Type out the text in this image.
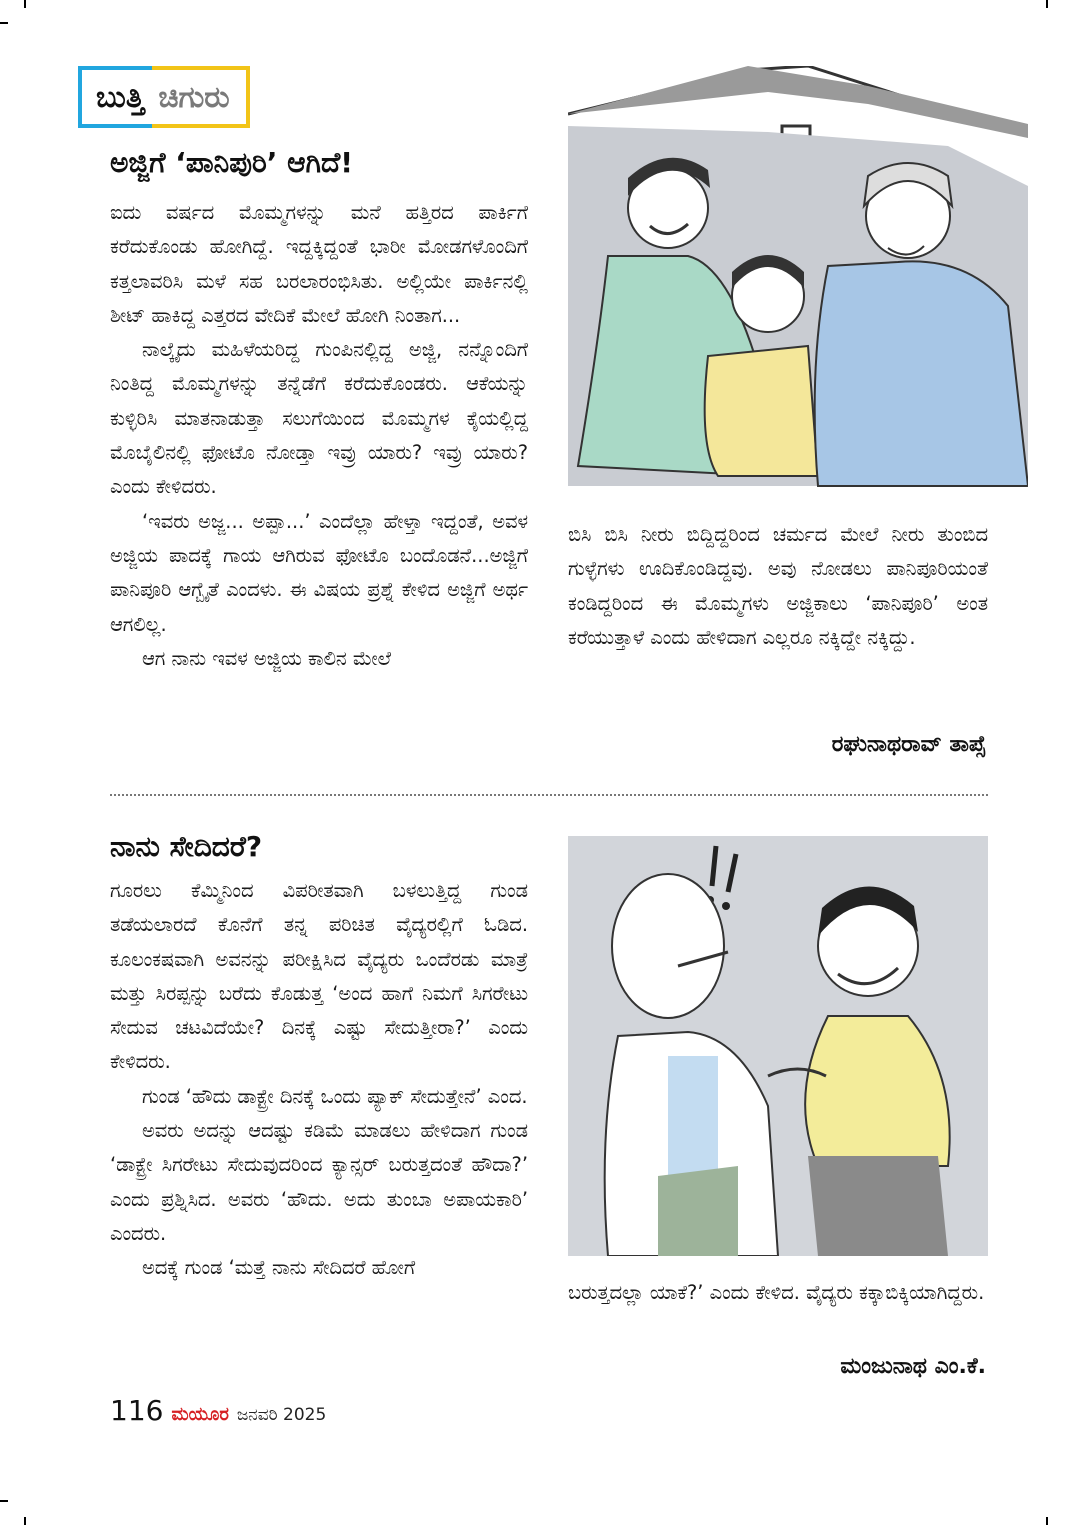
ಬುತ್ತಿ ಚಿಗುರು
ಅಜ್ಜಿಗೆ ‘ಪಾನಿಪುರಿ’ ಆಗಿದೆ!

ಐದು ವರ್ಷದ ಮೊಮ್ಮಗಳನ್ನು ಮನೆ ಹತ್ತಿರದ ಪಾರ್ಕಿಗೆ ಕರೆದುಕೊಂಡು ಹೋಗಿದ್ದೆ. ಇದ್ದಕ್ಕಿದ್ದಂತೆ ಭಾರೀ ಮೋಡಗಳೊಂದಿಗೆ ಕತ್ತಲಾವರಿಸಿ ಮಳೆ ಸಹ ಬರಲಾರಂಭಿಸಿತು. ಅಲ್ಲಿಯೇ ಪಾರ್ಕಿನಲ್ಲಿ ಶೀಟ್ ಹಾಕಿದ್ದ ಎತ್ತರದ ವೇದಿಕೆ ಮೇಲೆ ಹೋಗಿ ನಿಂತಾಗ...

ನಾಲ್ಕೈದು ಮಹಿಳೆಯರಿದ್ದ ಗುಂಪಿನಲ್ಲಿದ್ದ ಅಜ್ಜಿ, ನನ್ನೊಂದಿಗೆ ನಿಂತಿದ್ದ ಮೊಮ್ಮಗಳನ್ನು ತನ್ನೆಡೆಗೆ ಕರೆದುಕೊಂಡರು. ಆಕೆಯನ್ನು ಕುಳ್ಳಿರಿಸಿ ಮಾತನಾಡುತ್ತಾ ಸಲುಗೆಯಿಂದ ಮೊಮ್ಮಗಳ ಕೈಯಲ್ಲಿದ್ದ ಮೊಬೈಲಿನಲ್ಲಿ ಫೋಟೊ ನೋಡ್ತಾ ಇವ್ರು ಯಾರು? ಇವ್ರು ಯಾರು? ಎಂದು ಕೇಳಿದರು.

‘ಇವರು ಅಜ್ಜ... ಅಪ್ಪಾ...’ ಎಂದೆಲ್ಲಾ ಹೇಳ್ತಾ ಇದ್ದಂತೆ, ಅವಳ ಅಜ್ಜಿಯ ಪಾದಕ್ಕೆ ಗಾಯ ಆಗಿರುವ ಫೋಟೊ ಬಂದೊಡನೆ...ಅಜ್ಜಿಗೆ ಪಾನಿಪೂರಿ ಆಗ್ಬೈತೆ ಎಂದಳು. ಈ ವಿಷಯ ಪ್ರಶ್ನೆ ಕೇಳಿದ ಅಜ್ಜಿಗೆ ಅರ್ಥ ಆಗಲಿಲ್ಲ.

ಆಗ ನಾನು ಇವಳ ಅಜ್ಜಿಯ ಕಾಲಿನ ಮೇಲೆ

ಬಿಸಿ ಬಿಸಿ ನೀರು ಬಿದ್ದಿದ್ದರಿಂದ ಚರ್ಮದ ಮೇಲೆ ನೀರು ತುಂಬಿದ ಗುಳ್ಳೆಗಳು ಊದಿಕೊಂಡಿದ್ದವು. ಅವು ನೋಡಲು ಪಾನಿಪೂರಿಯಂತೆ ಕಂಡಿದ್ದರಿಂದ ಈ ಮೊಮ್ಮಗಳು ಅಜ್ಜಿಕಾಲು ‘ಪಾನಿಪೂರಿ’ ಅಂತ ಕರೆಯುತ್ತಾಳೆ ಎಂದು ಹೇಳಿದಾಗ ಎಲ್ಲರೂ ನಕ್ಕಿದ್ದೇ ನಕ್ಕಿದ್ದು.

ರಘುನಾಥರಾವ್ ತಾಪ್ಸೆ
ನಾನು ಸೇದಿದರೆ?

ಗೂರಲು ಕೆಮ್ಮಿನಿಂದ ವಿಪರೀತವಾಗಿ ಬಳಲುತ್ತಿದ್ದ ಗುಂಡ ತಡೆಯಲಾರದೆ ಕೊನೆಗೆ ತನ್ನ ಪರಿಚಿತ ವೈದ್ಯರಲ್ಲಿಗೆ ಓಡಿದ. ಕೂಲಂಕಷವಾಗಿ ಅವನನ್ನು ಪರೀಕ್ಷಿಸಿದ ವೈದ್ಯರು ಒಂದೆರಡು ಮಾತ್ರೆ ಮತ್ತು ಸಿರಪ್ಪನ್ನು ಬರೆದು ಕೊಡುತ್ತ ‘ಅಂದ ಹಾಗೆ ನಿಮಗೆ ಸಿಗರೇಟು ಸೇದುವ ಚಟವಿದೆಯೇ? ದಿನಕ್ಕೆ ಎಷ್ಟು ಸೇದುತ್ತೀರಾ?’ ಎಂದು ಕೇಳಿದರು.

ಗುಂಡ ‘ಹೌದು ಡಾಕ್ಟ್ರೇ ದಿನಕ್ಕೆ ಒಂದು ಪ್ಯಾಕ್ ಸೇದುತ್ತೇನೆ’ ಎಂದ.

ಅವರು ಅದನ್ನು ಆದಷ್ಟು ಕಡಿಮೆ ಮಾಡಲು ಹೇಳಿದಾಗ ಗುಂಡ ‘ಡಾಕ್ಟ್ರೇ ಸಿಗರೇಟು ಸೇದುವುದರಿಂದ ಕ್ಯಾನ್ಸರ್ ಬರುತ್ತದಂತೆ ಹೌದಾ?’ ಎಂದು ಪ್ರಶ್ನಿಸಿದ. ಅವರು ‘ಹೌದು. ಅದು ತುಂಬಾ ಅಪಾಯಕಾರಿ’ ಎಂದರು.

ಅದಕ್ಕೆ ಗುಂಡ ‘ಮತ್ತೆ ನಾನು ಸೇದಿದರೆ ಹೋಗೆ

ಬರುತ್ತದಲ್ಲಾ ಯಾಕೆ?’ ಎಂದು ಕೇಳಿದ. ವೈದ್ಯರು ಕಕ್ಕಾಬಿಕ್ಕಿಯಾಗಿದ್ದರು.

ಮಂಜುನಾಥ ಎಂ.ಕೆ.
116 ಮಯೂರ ಜನವರಿ 2025
